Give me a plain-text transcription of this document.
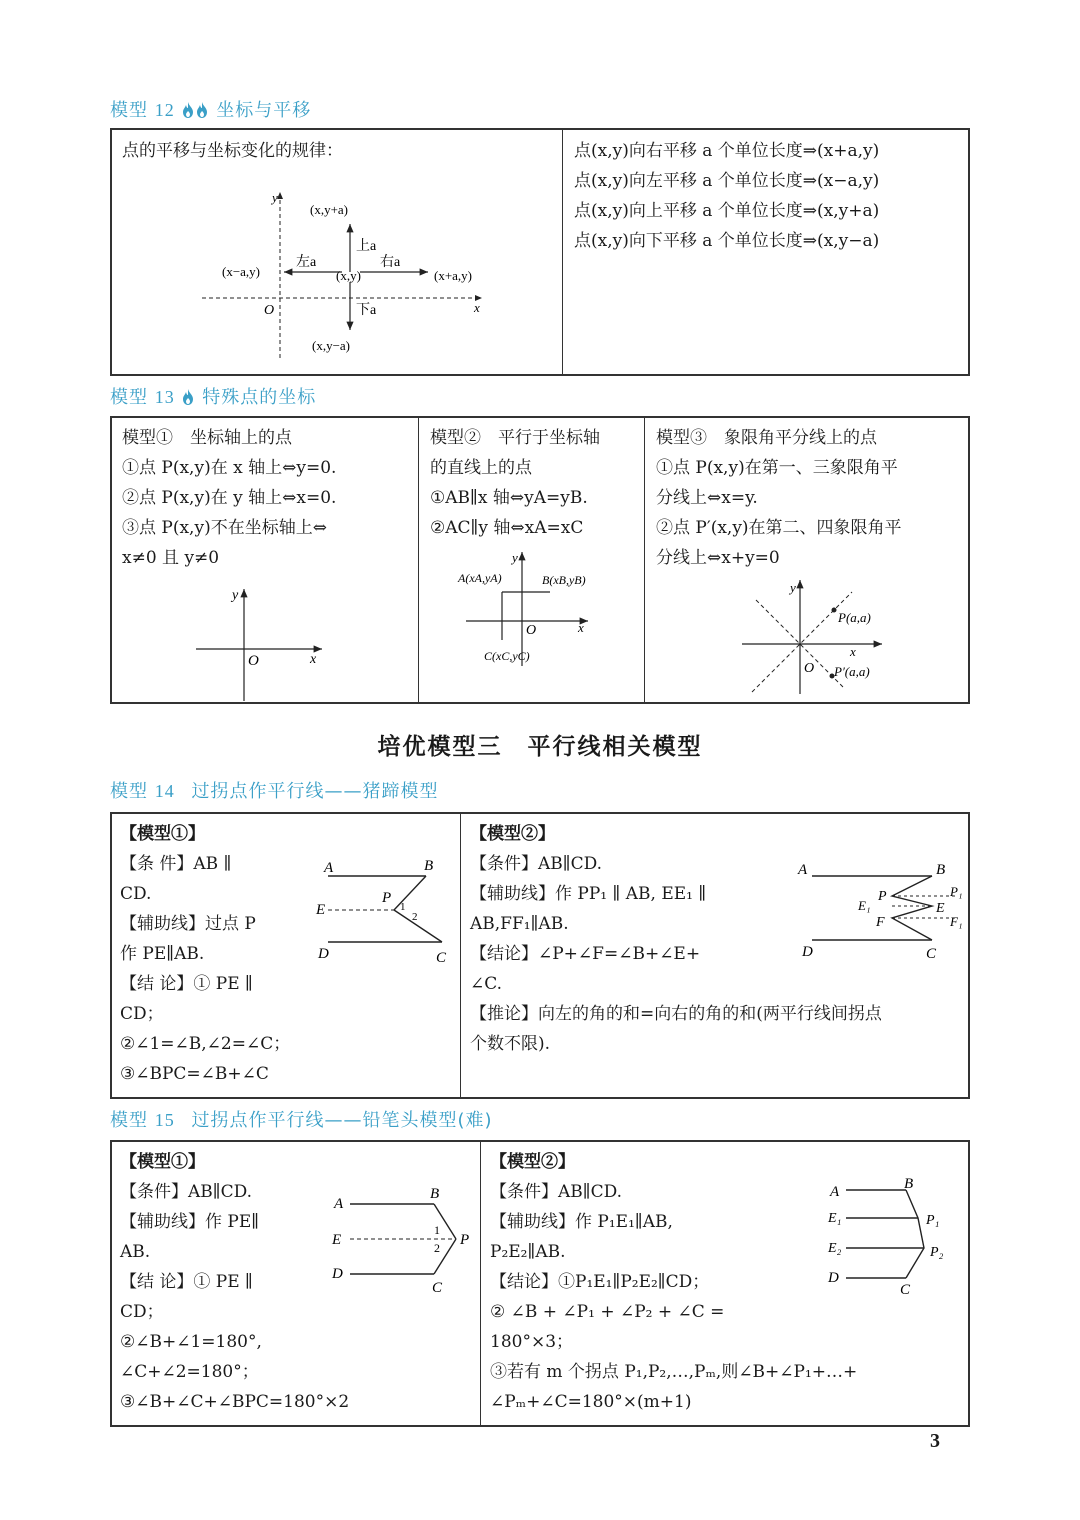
模型 12 坐标与平移
点的平移与坐标变化的规律：
y
x
O
(x,y+a)
(x−a,y)	(x,y)	(x+a,y)
(x,y−a)
上a
左a	右a
下a
点(x,y)向右平移 a 个单位长度⇒(x+a,y)
点(x,y)向左平移 a 个单位长度⇒(x−a,y)
点(x,y)向上平移 a 个单位长度⇒(x,y+a)
点(x,y)向下平移 a 个单位长度⇒(x,y−a)
模型 13 特殊点的坐标
模型①　坐标轴上的点
①点 P(x,y)在 x 轴上⇔y=0.
②点 P(x,y)在 y 轴上⇔x=0.
③点 P(x,y)不在坐标轴上⇔
x≠0 且 y≠0
y
x
O
模型②　平行于坐标轴
的直线上的点
①AB∥x 轴⇔yA=yB.
②AC∥y 轴⇔xA=xC
y
x
O
A(xA,yA)	B(xB,yB)
C(xC,yC)
模型③　象限角平分线上的点
①点 P(x,y)在第一、三象限角平
分线上⇔x=y.
②点 P′(x,y)在第二、四象限角平
分线上⇔x+y=0
y
x
O
P(a,a)
P′(a,a)
培优模型三　平行线相关模型
模型 14 过拐点作平行线——猪蹄模型
【模型①】
【条 件】AB ∥
CD.
【辅助线】过点 P
作 PE∥AB.
【结 论】① PE ∥
CD；
②∠1=∠B,∠2=∠C；
③∠BPC=∠B+∠C
A	B
E
P
1
2
D	C
【模型②】
【条件】AB∥CD.
【辅助线】作 PP₁ ∥ AB, EE₁ ∥
AB,FF₁∥AB.
【结论】∠P+∠F=∠B+∠E+
∠C.
【推论】向左的角的和=向右的角的和(两平行线间拐点
个数不限).
A	B
P	P₁
E₁	E
F	F₁
D	C
模型 15 过拐点作平行线——铅笔头模型(难)
【模型①】
【条件】AB∥CD.
【辅助线】作 PE∥
AB.
【结 论】① PE ∥
CD；
②∠B+∠1=180°,
∠C+∠2=180°；
③∠B+∠C+∠BPC=180°×2
A
B
E	P
1
2
D
C
【模型②】
【条件】AB∥CD.
【辅助线】作 P₁E₁∥AB,
P₂E₂∥AB.
【结论】①P₁E₁∥P₂E₂∥CD；
② ∠B + ∠P₁ + ∠P₂ + ∠C =
180°×3；
③若有 m 个拐点 P₁,P₂,…,Pₘ,则∠B+∠P₁+…+
∠Pₘ+∠C=180°×(m+1)
A	B
E₁	P₁
E₂	P₂
D
C
3
